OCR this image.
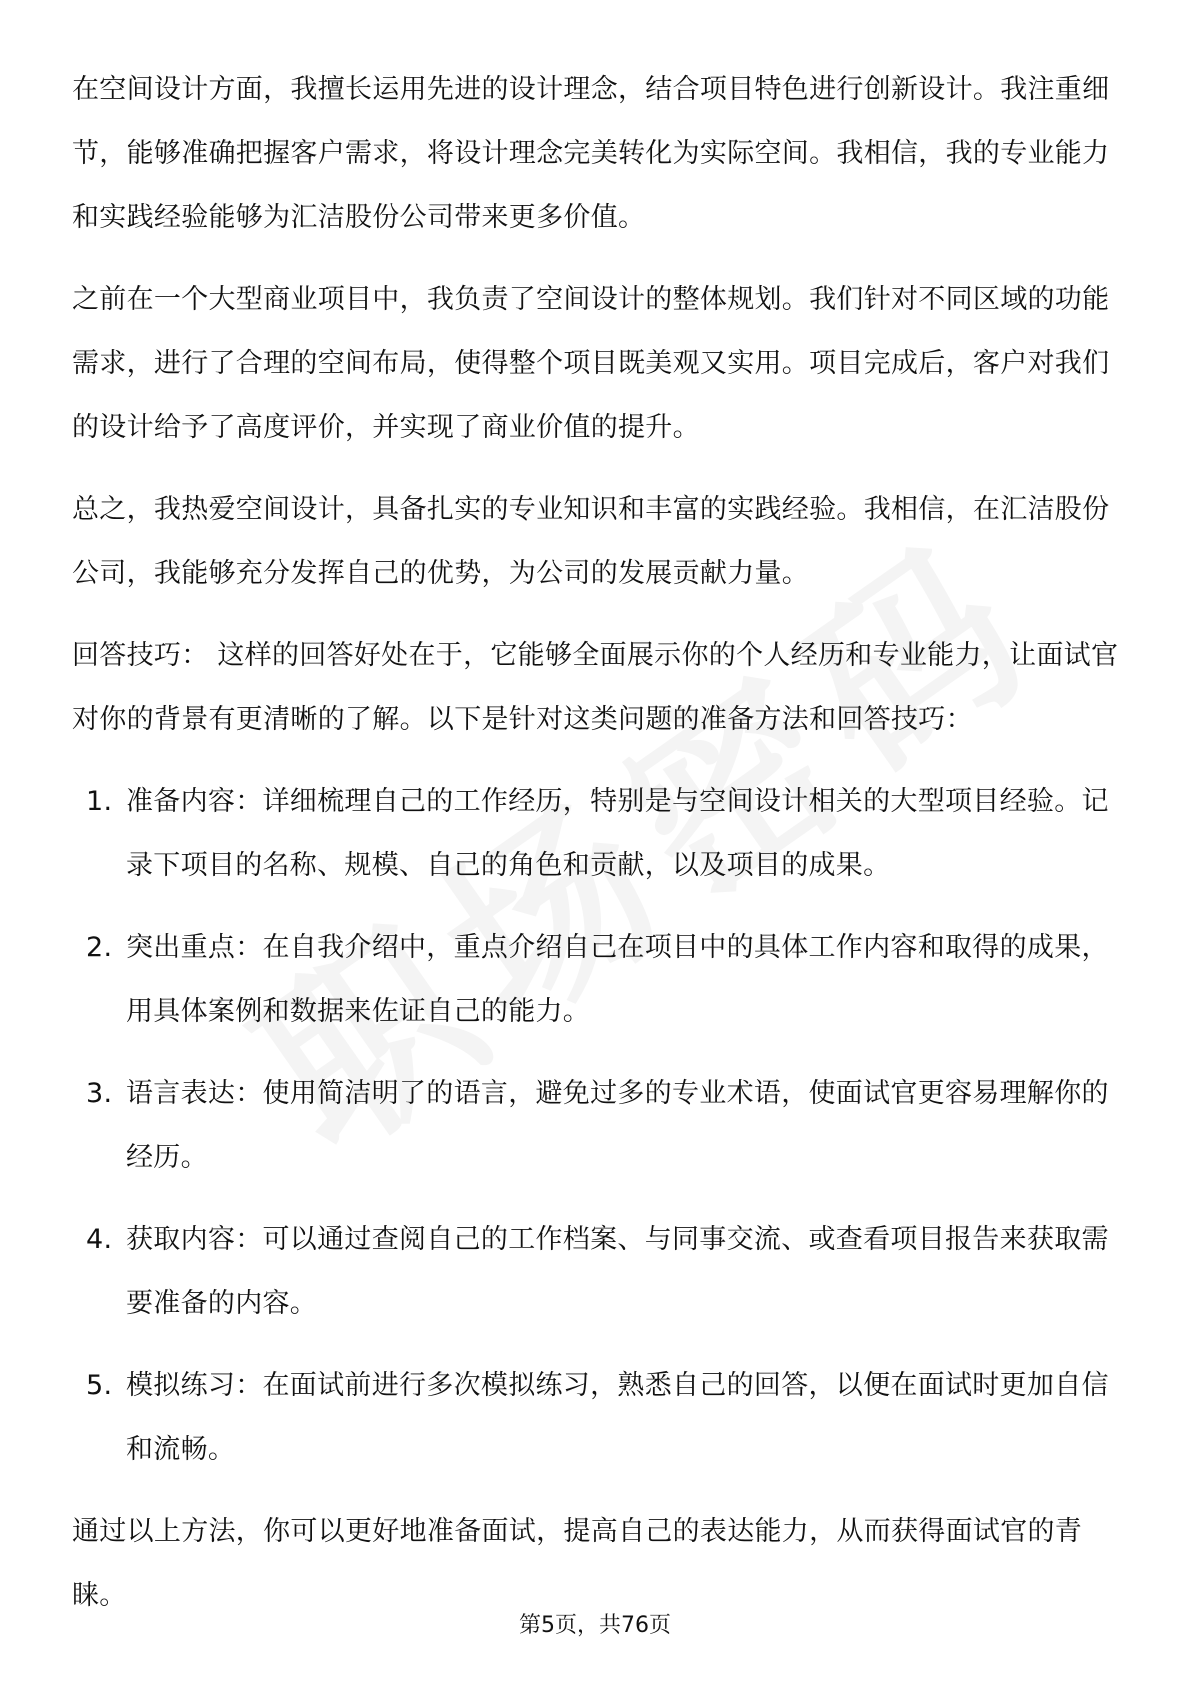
在空间设计方面，我擅长运用先进的设计理念，结合项目特色进行创新设计。我注重细节，能够准确把握客户需求，将设计理念完美转化为实际空间。我相信，我的专业能力和实践经验能够为汇洁股份公司带来更多价值。

之前在一个大型商业项目中，我负责了空间设计的整体规划。我们针对不同区域的功能需求，进行了合理的空间布局，使得整个项目既美观又实用。项目完成后，客户对我们的设计给予了高度评价，并实现了商业价值的提升。

总之，我热爱空间设计，具备扎实的专业知识和丰富的实践经验。我相信，在汇洁股份公司，我能够充分发挥自己的优势，为公司的发展贡献力量。

回答技巧： 这样的回答好处在于，它能够全面展示你的个人经历和专业能力，让面试官对你的背景有更清晰的了解。以下是针对这类问题的准备方法和回答技巧：

1. 准备内容：详细梳理自己的工作经历，特别是与空间设计相关的大型项目经验。记录下项目的名称、规模、自己的角色和贡献，以及项目的成果。
2. 突出重点：在自我介绍中，重点介绍自己在项目中的具体工作内容和取得的成果，用具体案例和数据来佐证自己的能力。
3. 语言表达：使用简洁明了的语言，避免过多的专业术语，使面试官更容易理解你的经历。
4. 获取内容：可以通过查阅自己的工作档案、与同事交流、或查看项目报告来获取需要准备的内容。
5. 模拟练习：在面试前进行多次模拟练习，熟悉自己的回答，以便在面试时更加自信和流畅。

通过以上方法，你可以更好地准备面试，提高自己的表达能力，从而获得面试官的青睐。

第5页，共76页
